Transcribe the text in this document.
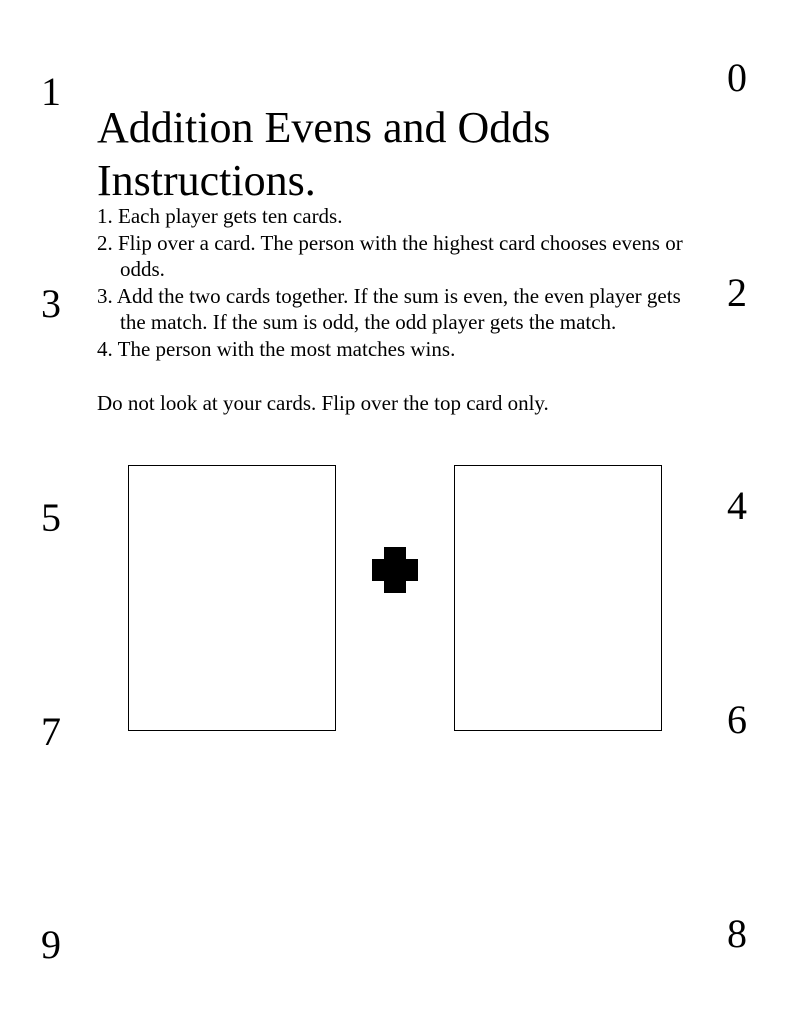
1
3
5
7
9
0
2
4
6
8
Addition Evens and Odds
Instructions.
1. Each player gets ten cards.
2. Flip over a card. The person with the highest card chooses evens or odds.
3. Add the two cards together. If the sum is even, the even player gets the match. If the sum is odd, the odd player gets the match.
4. The person with the most matches wins.
Do not look at your cards. Flip over the top card only.
